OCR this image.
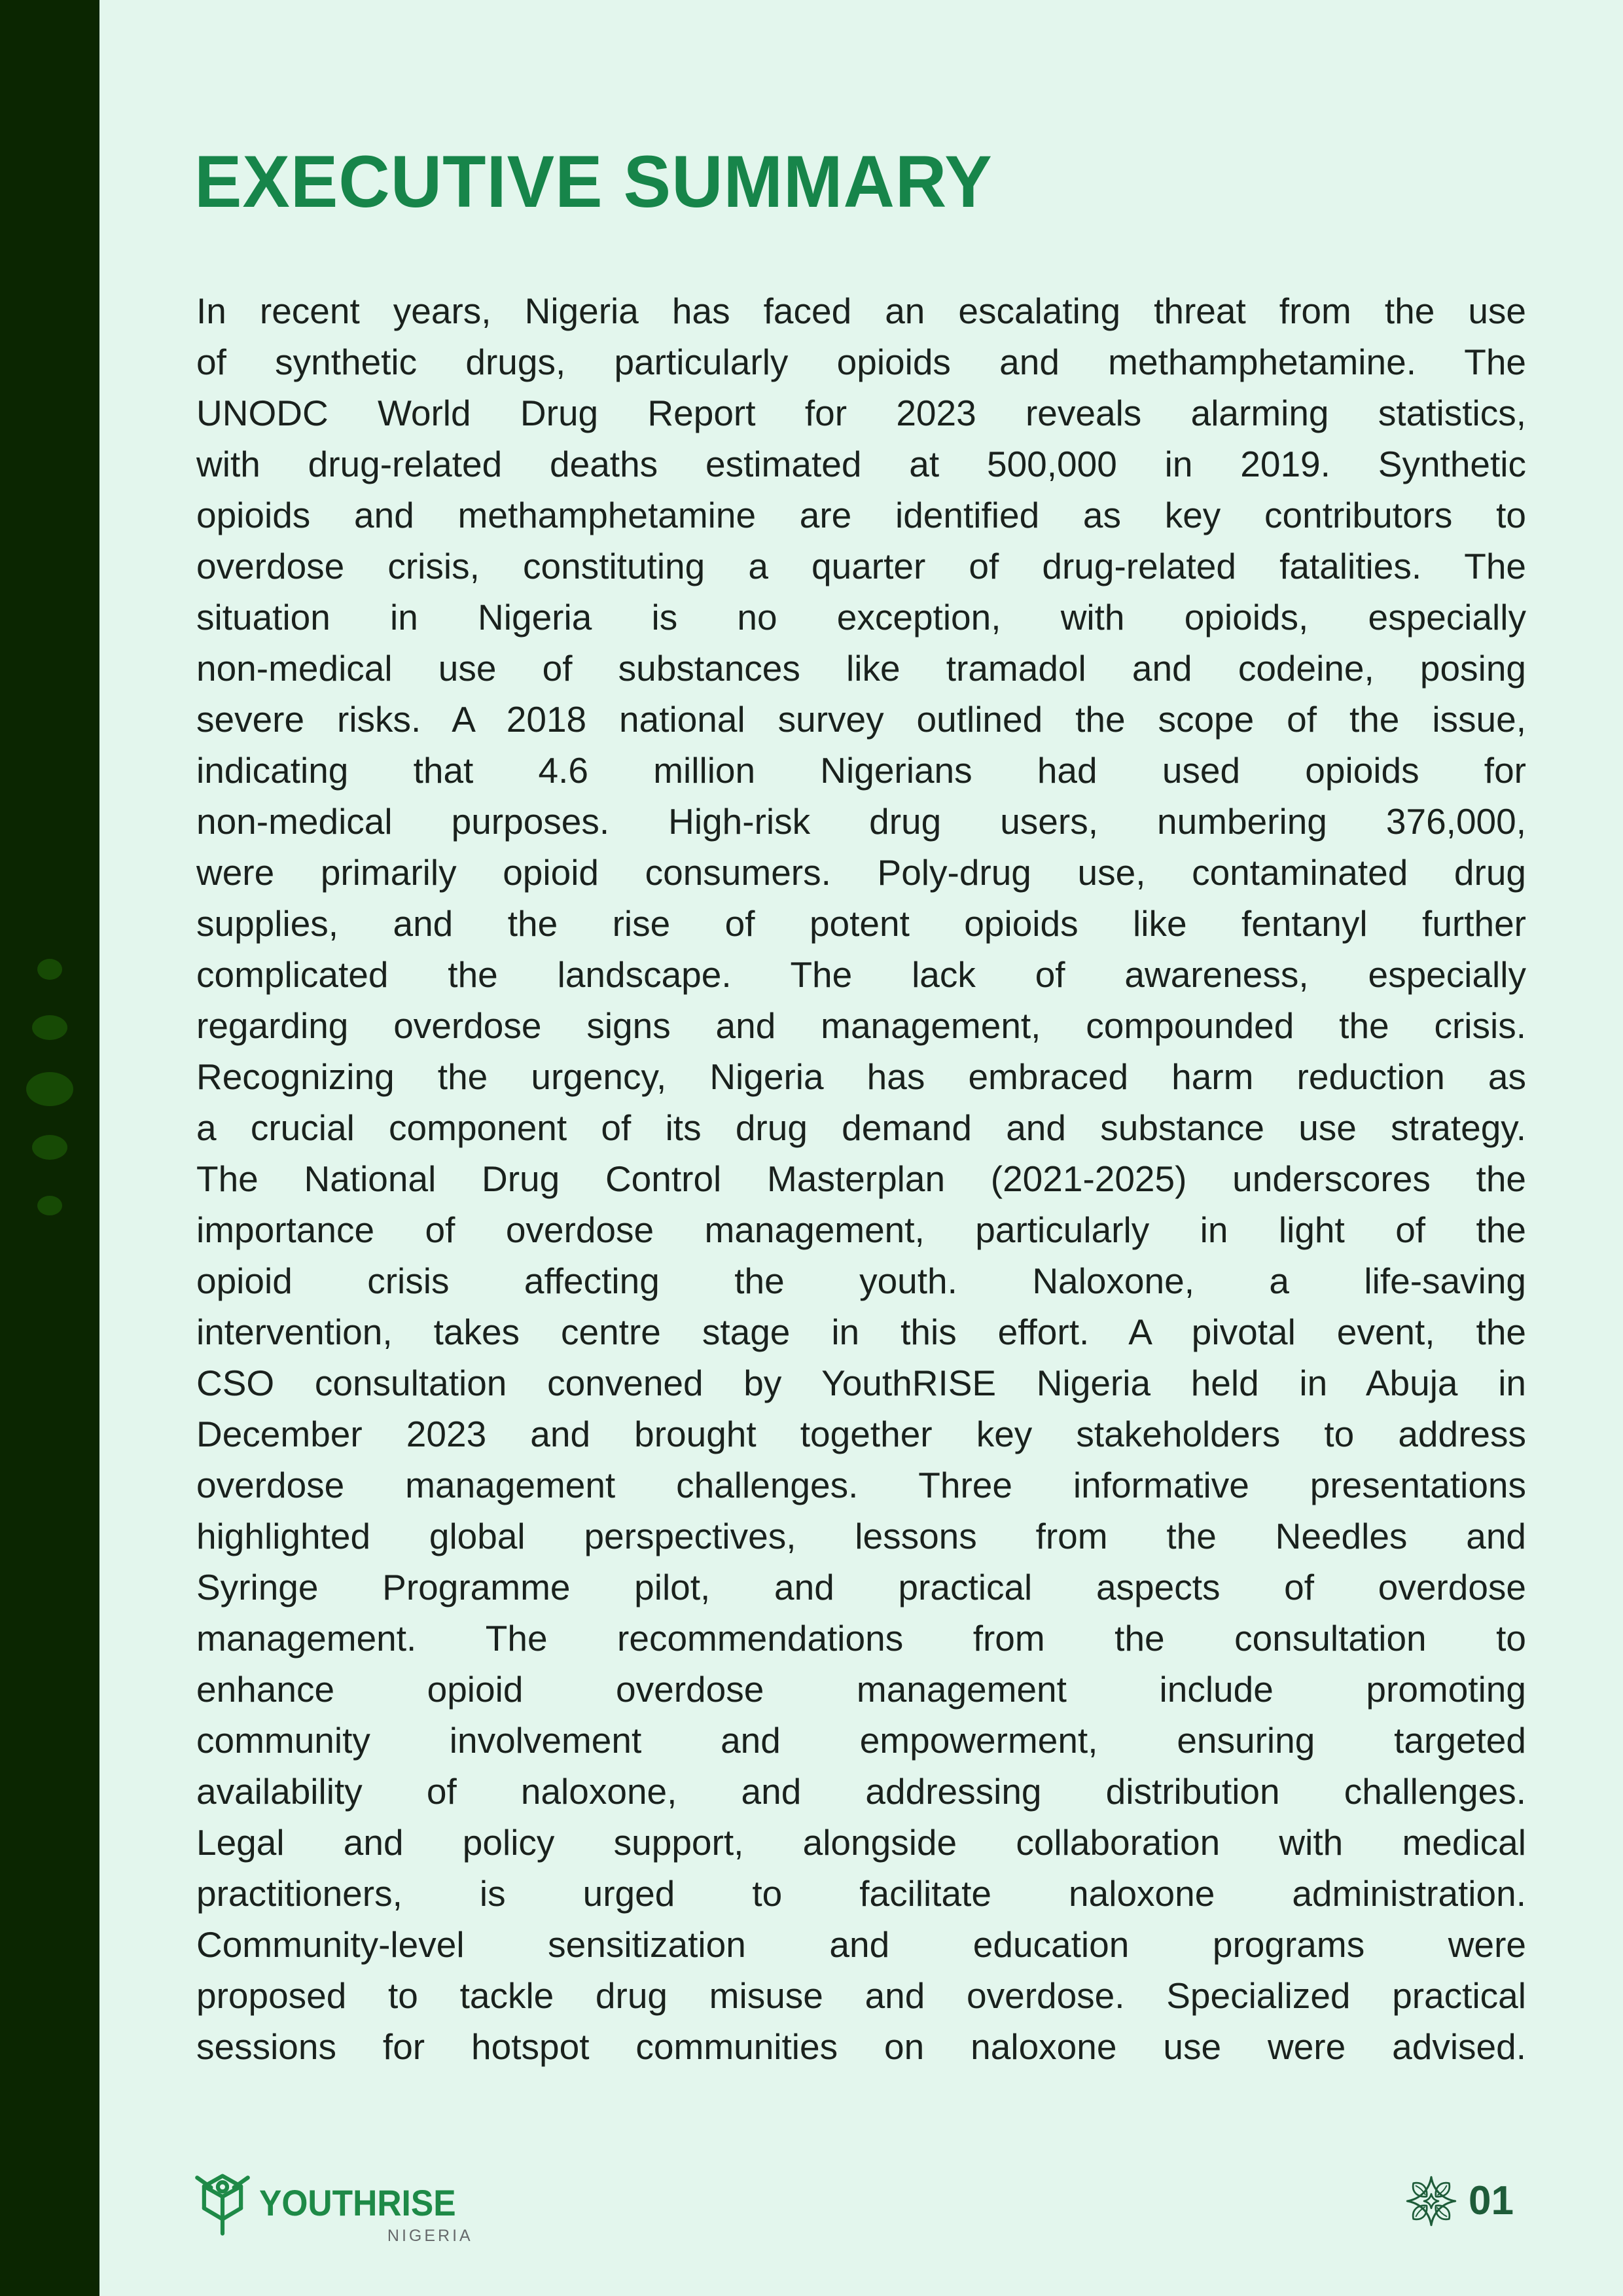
EXECUTIVE SUMMARY
In recent years, Nigeria has faced an escalating threat from the use
of synthetic drugs, particularly opioids and methamphetamine. The
UNODC World Drug Report for 2023 reveals alarming statistics,
with drug-related deaths estimated at 500,000 in 2019. Synthetic
opioids and methamphetamine are identified as key contributors to
overdose crisis, constituting a quarter of drug-related fatalities. The
situation in Nigeria is no exception, with opioids, especially
non-medical use of substances like tramadol and codeine, posing
severe risks. A 2018 national survey outlined the scope of the issue,
indicating that 4.6 million Nigerians had used opioids for
non-medical purposes. High-risk drug users, numbering 376,000,
were primarily opioid consumers. Poly-drug use, contaminated drug
supplies, and the rise of potent opioids like fentanyl further
complicated the landscape. The lack of awareness, especially
regarding overdose signs and management, compounded the crisis.
Recognizing the urgency, Nigeria has embraced harm reduction as
a crucial component of its drug demand and substance use strategy.
The National Drug Control Masterplan (2021-2025) underscores the
importance of overdose management, particularly in light of the
opioid crisis affecting the youth. Naloxone, a life-saving
intervention, takes centre stage in this effort. A pivotal event, the
CSO consultation convened by YouthRISE Nigeria held in Abuja in
December 2023 and brought together key stakeholders to address
overdose management challenges. Three informative presentations
highlighted global perspectives, lessons from the Needles and
Syringe Programme pilot, and practical aspects of overdose
management. The recommendations from the consultation to
enhance opioid overdose management include promoting
community involvement and empowerment, ensuring targeted
availability of naloxone, and addressing distribution challenges.
Legal and policy support, alongside collaboration with medical
practitioners, is urged to facilitate naloxone administration.
Community-level sensitization and education programs were
proposed to tackle drug misuse and overdose. Specialized practical
sessions for hotspot communities on naloxone use were advised.
YOUTHRISE
NIGERIA
01
